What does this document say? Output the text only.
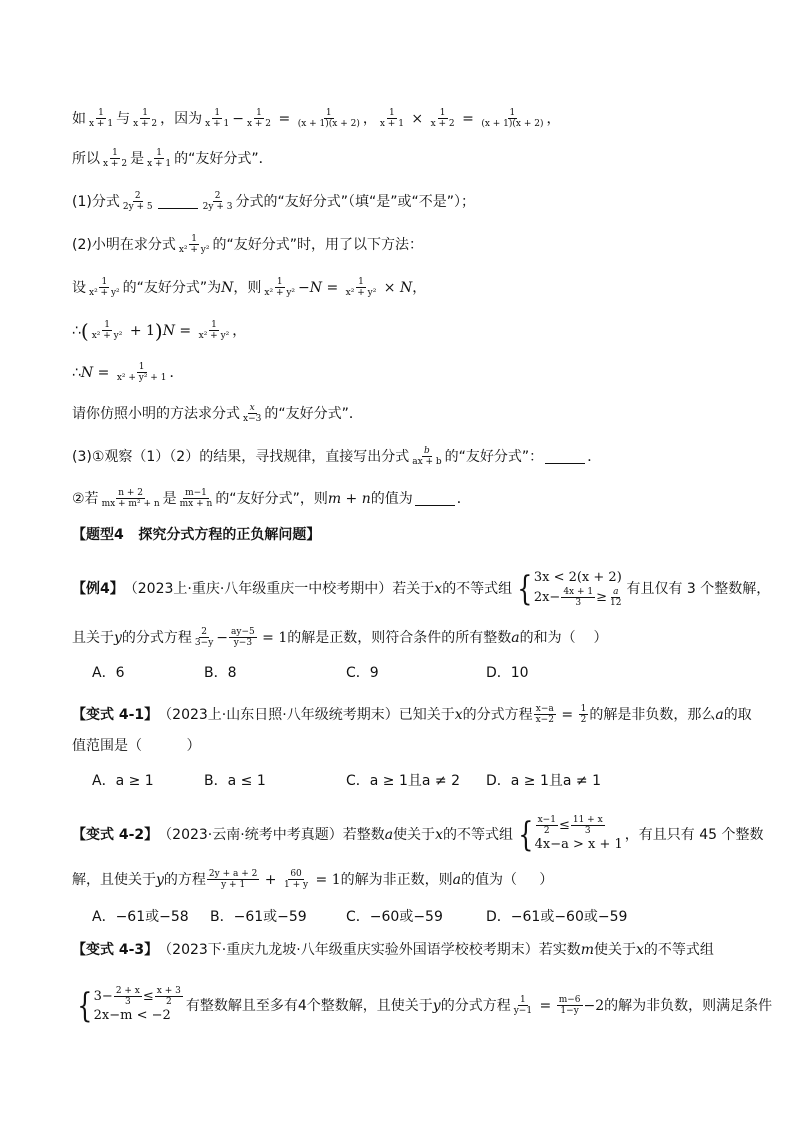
如 $\frac{1}{x + 1}$ 与 $\frac{1}{x + 2}$ ，因为 $\frac{1}{x + 1} - \frac{1}{x + 2} = \frac{1}{(x + 1)(x + 2)}$ ， $\frac{1}{x + 1} \times \frac{1}{x + 2} = \frac{1}{(x + 1)(x + 2)}$ ，
所以 $\frac{1}{x + 2}$ 是 $\frac{1}{x + 1}$ 的“友好分式”．
(1)分式 $\frac{2}{2y + 5}$	$\frac{2}{2y + 3}$ 分式的“友好分式”（填“是”或“不是”）；
(2)小明在求分式 $\frac{1}{\text{x² + y²}}$ 的“友好分式”时，用了以下方法：
设 $\frac{1}{\text{x² + y²}}$ 的“友好分式”为 N ，则 $\frac{1}{\text{x² + y²}} - N = \frac{1}{\text{x² + y²}} \times N$ ，
∴ ( $\frac{1}{\text{x² + y²}} + 1$ ) $N = \frac{1}{\text{x² + y²}}$ ，
∴ $N = \frac{1}{\text{x² + y² + 1}}$ ．
请你仿照小明的方法求分式 $\frac{x}{x-3}$ 的“友好分式”．
(3)①观察（1）（2）的结果，寻找规律，直接写出分式 $\frac{b}{ax + b}$ 的“友好分式”：	．
②若 $\frac{n + 2}{\text{mx + m² + n}}$ 是 $\frac{m-1}{mx + n}$ 的“友好分式”，则 m + n 的值为	．
【题型4   探究分式方程的正负解问题】
【例4】 （2023上·重庆·八年级重庆一中校考期中）若关于 x 的不等式组 { 3x < 2(x + 2)
$2x- \frac{4x + 1}{3} \ge \frac{a}{12}$ 有且仅有 3 个整数解，
且关于 y 的分式方程 $\frac{2}{3-y} - \frac{ay-5}{y-3} = 1$ 的解是正数，则符合条件的所有整数 a 的和为（    ）
A．6	B．8	C．9	D．10
【变式 4-1】 （2023上·山东日照·八年级统考期末）已知关于 x 的分式方程 $\frac{x-a}{x-2} = \frac{1}{2}$ 的解是非负数，那么 a 的取
值范围是（          ）
A．a ≥ 1	B．a ≤ 1	C．a ≥ 1且a ≠ 2 D．a ≥ 1且a ≠ 1
【变式 4-2】 （2023·云南·统考中考真题）若整数 a 使关于 x 的不等式组 { $\frac{x-1}{2} \le \frac{11 + x}{3}$
4x−a > x + 1
，有且只有 45 个整数
解，且使关于 y 的方程 $\frac{2y + a + 2}{y + 1} + \frac{60}{1 + y} = 1$ 的解为非正数，则 a 的值为（     ）
A．−61或−58 B．−61或−59	C．−60或−59	D．−61或−60或−59
【变式 4-3】 （2023下·重庆九龙坡·八年级重庆实验外国语学校校考期末）若实数 m 使关于 x 的不等式组
{ $3- \frac{2 + x}{3} \le \frac{x + 3}{2}$
2x−m < −2
有整数解且至多有4个整数解，且使关于 y 的分式方程 $\frac{1}{y-1} = \frac{m-6}{1-y} -2$ 的解为非负数，则满足条件
